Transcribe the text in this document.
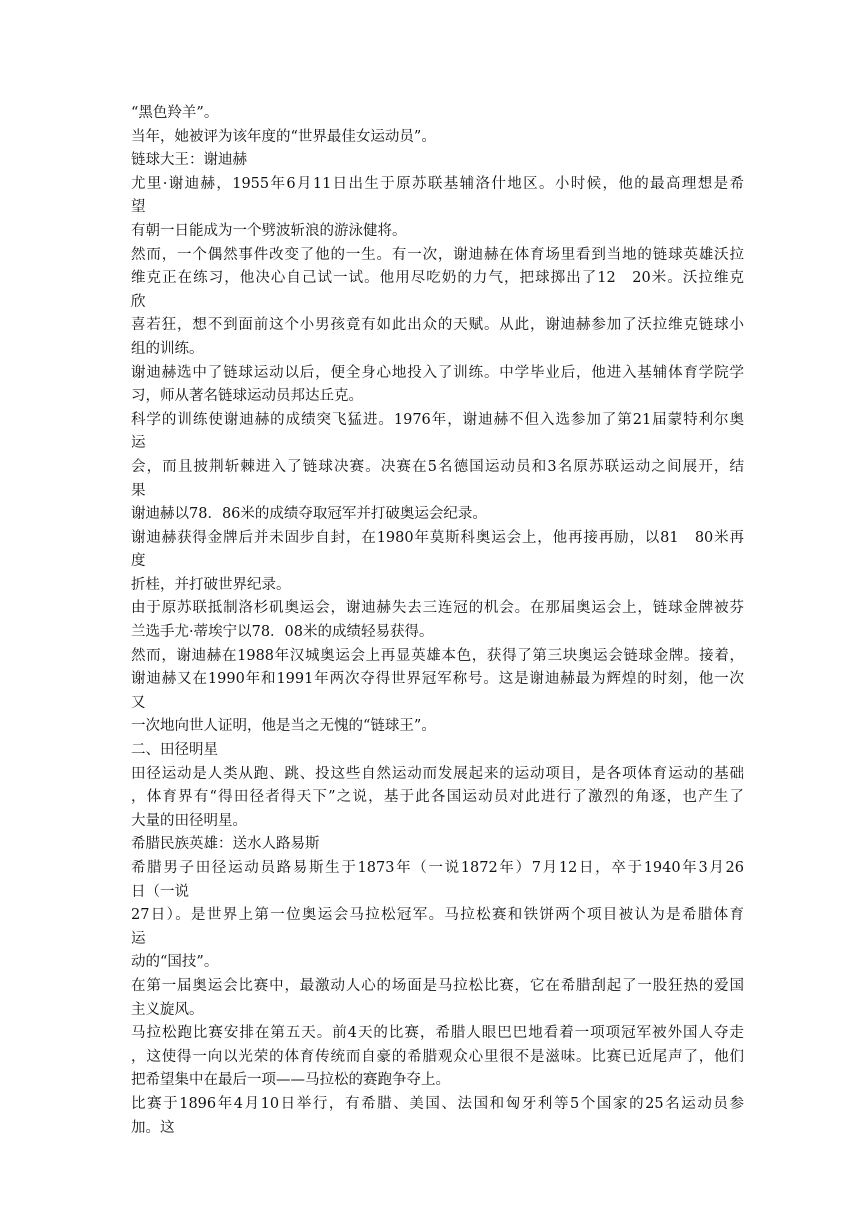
“黑色羚羊”。
当年，她被评为该年度的“世界最佳女运动员”。
链球大王：谢迪赫
尤里·谢迪赫，1955年6月11日出生于原苏联基辅洛什地区。小时候，他的最高理想是希
望
有朝一日能成为一个劈波斩浪的游泳健将。
然而，一个偶然事件改变了他的一生。有一次，谢迪赫在体育场里看到当地的链球英雄沃拉
维克正在练习，他决心自己试一试。他用尽吃奶的力气，把球掷出了12　20米。沃拉维克
欣
喜若狂，想不到面前这个小男孩竟有如此出众的天赋。从此，谢迪赫参加了沃拉维克链球小
组的训练。
谢迪赫选中了链球运动以后，便全身心地投入了训练。中学毕业后，他进入基辅体育学院学
习，师从著名链球运动员邦达丘克。
科学的训练使谢迪赫的成绩突飞猛进。1976年，谢迪赫不但入选参加了第21届蒙特利尔奥
运
会，而且披荆斩棘进入了链球决赛。决赛在5名德国运动员和3名原苏联运动之间展开，结
果
谢迪赫以78．86米的成绩夺取冠军并打破奥运会纪录。
谢迪赫获得金牌后并未固步自封，在1980年莫斯科奥运会上，他再接再励，以81　80米再
度
折桂，并打破世界纪录。
由于原苏联抵制洛杉矶奥运会，谢迪赫失去三连冠的机会。在那届奥运会上，链球金牌被芬
兰选手尤·蒂埃宁以78．08米的成绩轻易获得。
然而，谢迪赫在1988年汉城奥运会上再显英雄本色，获得了第三块奥运会链球金牌。接着，
谢迪赫又在1990年和1991年两次夺得世界冠军称号。这是谢迪赫最为辉煌的时刻，他一次
又
一次地向世人证明，他是当之无愧的“链球王”。
二、田径明星
田径运动是人类从跑、跳、投这些自然运动而发展起来的运动项目，是各项体育运动的基础
，体育界有“得田径者得天下”之说，基于此各国运动员对此进行了激烈的角逐，也产生了
大量的田径明星。
希腊民族英雄：送水人路易斯
希腊男子田径运动员路易斯生于1873年（一说1872年）7月12日，卒于1940年3月26
日（一说
27日）。是世界上第一位奥运会马拉松冠军。马拉松赛和铁饼两个项目被认为是希腊体育
运
动的“国技”。
在第一届奥运会比赛中，最激动人心的场面是马拉松比赛，它在希腊刮起了一股狂热的爱国
主义旋风。
马拉松跑比赛安排在第五天。前4天的比赛，希腊人眼巴巴地看着一项项冠军被外国人夺走
，这使得一向以光荣的体育传统而自豪的希腊观众心里很不是滋味。比赛已近尾声了，他们
把希望集中在最后一项——马拉松的赛跑争夺上。
比赛于1896年4月10日举行，有希腊、美国、法国和匈牙利等5个国家的25名运动员参
加。这
